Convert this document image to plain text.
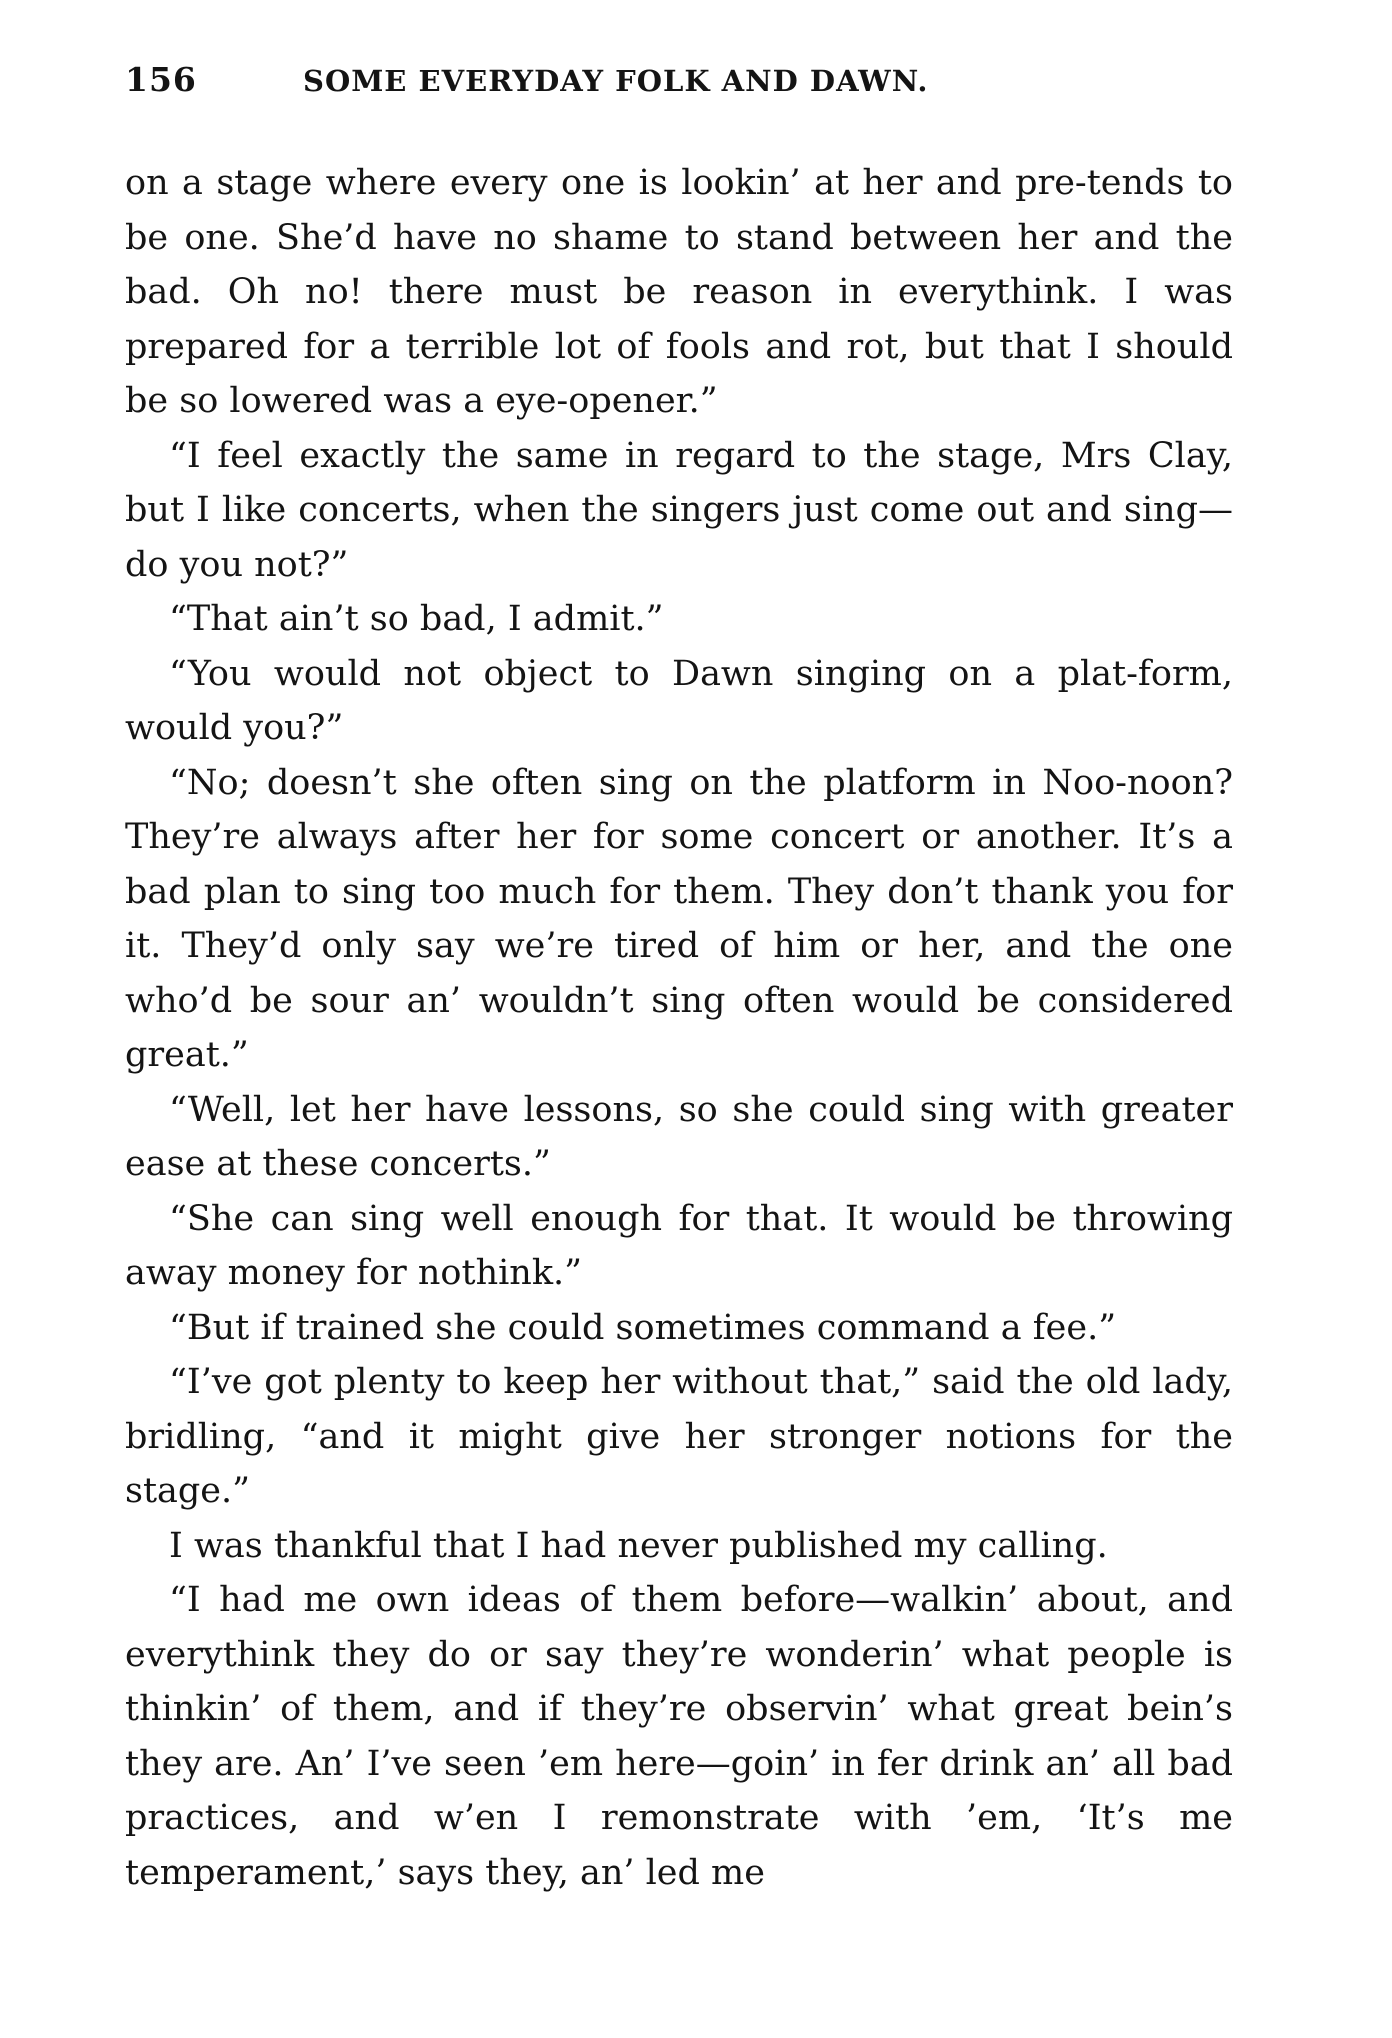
156	SOME EVERYDAY FOLK AND DAWN.

on a stage where every one is lookin’ at her and pre-tends to be one. She’d have no shame to stand between her and the bad. Oh no! there must be reason in everythink. I was prepared for a terrible lot of fools and rot, but that I should be so lowered was a eye-opener.”

“I feel exactly the same in regard to the stage, Mrs Clay, but I like concerts, when the singers just come out and sing—do you not?”

“That ain’t so bad, I admit.”

“You would not object to Dawn singing on a plat-form, would you?”

“No; doesn’t she often sing on the platform in Noo-noon? They’re always after her for some concert or another. It’s a bad plan to sing too much for them. They don’t thank you for it. They’d only say we’re tired of him or her, and the one who’d be sour an’ wouldn’t sing often would be considered great.”

“Well, let her have lessons, so she could sing with greater ease at these concerts.”

“She can sing well enough for that. It would be throwing away money for nothink.”

“But if trained she could sometimes command a fee.”

“I’ve got plenty to keep her without that,” said the old lady, bridling, “and it might give her stronger notions for the stage.”

I was thankful that I had never published my calling.

“I had me own ideas of them before—walkin’ about, and everythink they do or say they’re wonderin’ what people is thinkin’ of them, and if they’re observin’ what great bein’s they are. An’ I’ve seen ’em here—goin’ in fer drink an’ all bad practices, and w’en I remonstrate with ’em, ‘It’s me temperament,’ says they, an’ led me
